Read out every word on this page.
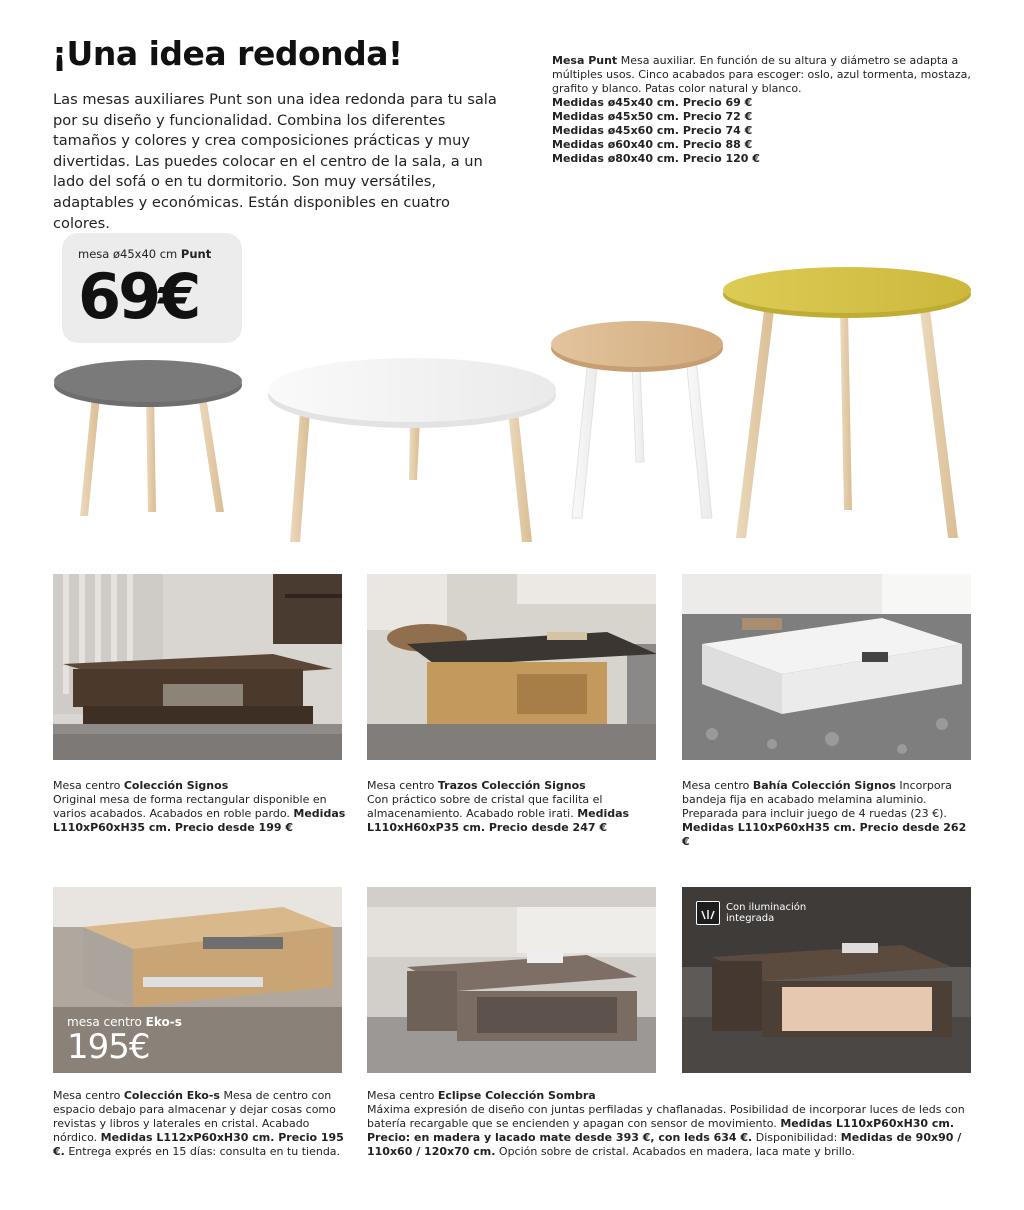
¡Una idea redonda!
Las mesas auxiliares Punt son una idea redonda para tu sala por su diseño y funcionalidad. Combina los diferentes tamaños y colores y crea composiciones prácticas y muy divertidas. Las puedes colocar en el centro de la sala, a un lado del sofá o en tu dormitorio. Son muy versátiles, adaptables y económicas. Están disponibles en cuatro colores.
Mesa Punt Mesa auxiliar. En función de su altura y diámetro se adapta a múltiples usos. Cinco acabados para escoger: oslo, azul tormenta, mostaza, grafito y blanco. Patas color natural y blanco.
Medidas ø45x40 cm. Precio 69 €
Medidas ø45x50 cm. Precio 72 €
Medidas ø45x60 cm. Precio 74 €
Medidas ø60x40 cm. Precio 88 €
Medidas ø80x40 cm. Precio 120 €
mesa ø45x40 cm Punt
69€
Mesa centro Colección Signos
Original mesa de forma rectangular disponible en varios acabados. Acabados en roble pardo. Medidas L110xP60xH35 cm. Precio desde 199 €
Mesa centro Trazos Colección Signos
Con práctico sobre de cristal que facilita el almacenamiento. Acabado roble irati. Medidas L110xH60xP35 cm. Precio desde 247 €
Mesa centro Bahía Colección Signos Incorpora bandeja fija en acabado melamina aluminio. Preparada para incluir juego de 4 ruedas (23 €). Medidas L110xP60xH35 cm. Precio desde 262 €
mesa centro Eko-s
195€
Con iluminación
integrada
Mesa centro Colección Eko-s Mesa de centro con espacio debajo para almacenar y dejar cosas como revistas y libros y laterales en cristal. Acabado nórdico. Medidas L112xP60xH30 cm. Precio 195 €. Entrega exprés en 15 días: consulta en tu tienda.
Mesa centro Eclipse Colección Sombra
Máxima expresión de diseño con juntas perfiladas y chaflanadas. Posibilidad de incorporar luces de leds con batería recargable que se encienden y apagan con sensor de movimiento. Medidas L110xP60xH30 cm. Precio: en madera y lacado mate desde 393 €, con leds 634 €. Disponibilidad: Medidas de 90x90 / 110x60 / 120x70 cm. Opción sobre de cristal. Acabados en madera, laca mate y brillo.
